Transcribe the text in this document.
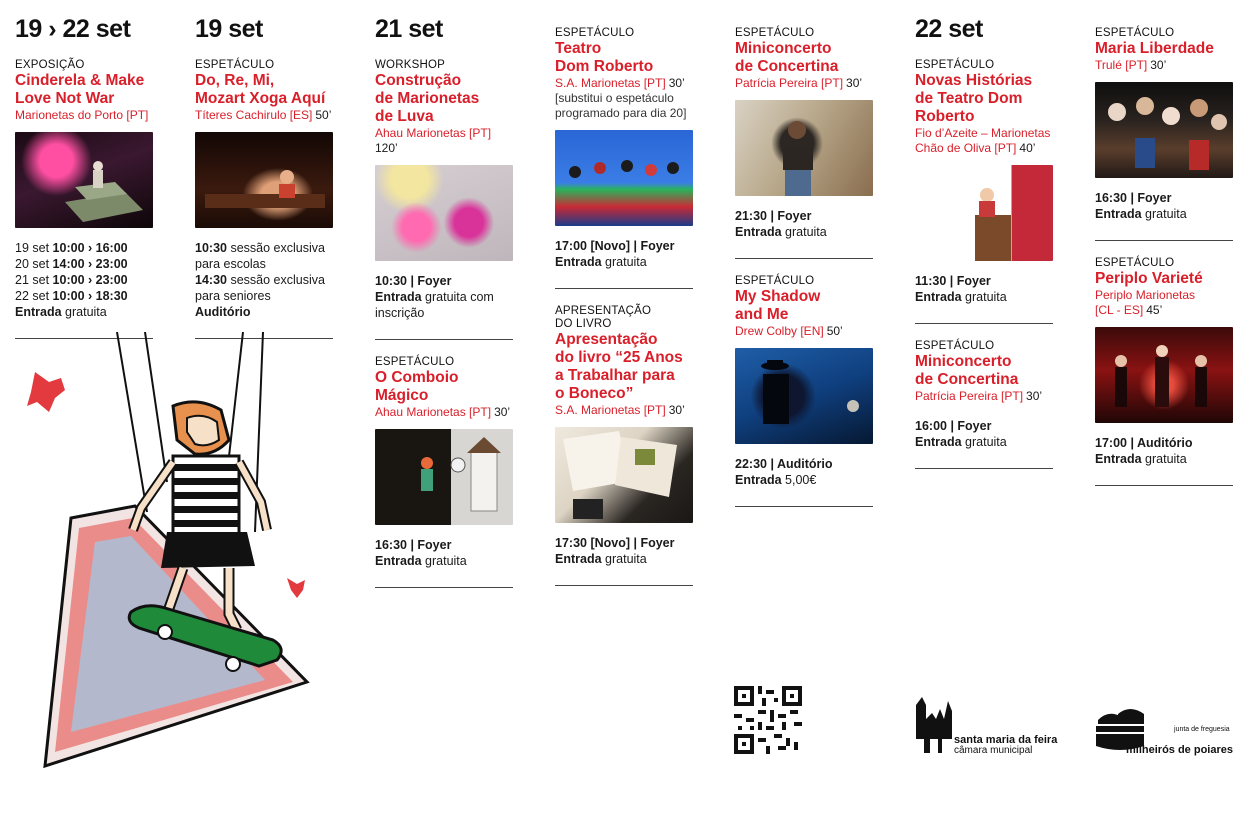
19 › 22 set
EXPOSIÇÃO
Cinderela & Make
Love Not War
Marionetas do Porto [PT]
19 set 10:00 › 16:00
20 set 14:00 › 23:00
21 set 10:00 › 23:00
22 set 10:00 › 18:30
Entrada gratuita
19 set
ESPETÁCULO
Do, Re, Mi,
Mozart Xoga Aquí
Títeres Cachirulo [ES] 50’
10:30 sessão exclusiva para escolas
14:30 sessão exclusiva para seniores
Auditório
21 set
WORKSHOP
Construção
de Marionetas
de Luva
Ahau Marionetas [PT]
120’
10:30 | Foyer
Entrada gratuita com inscrição
ESPETÁCULO
O Comboio
Mágico
Ahau Marionetas [PT] 30’
16:30 | Foyer
Entrada gratuita
ESPETÁCULO
Teatro
Dom Roberto
S.A. Marionetas [PT] 30’
[substitui o espetáculo programado para dia 20]
17:00 [Novo] | Foyer
Entrada gratuita
APRESENTAÇÃO
DO LIVRO
Apresentação
do livro “25 Anos
a Trabalhar para
o Boneco”
S.A. Marionetas [PT] 30’
17:30 [Novo] | Foyer
Entrada gratuita
ESPETÁCULO
Miniconcerto
de Concertina
Patrícia Pereira [PT] 30’
21:30 | Foyer
Entrada gratuita
ESPETÁCULO
My Shadow
and Me
Drew Colby [EN] 50’
22:30 | Auditório
Entrada 5,00€
22 set
ESPETÁCULO
Novas Histórias
de Teatro Dom
Roberto
Fio d’Azeite – Marionetas
Chão de Oliva [PT] 40’
11:30 | Foyer
Entrada gratuita
ESPETÁCULO
Miniconcerto
de Concertina
Patrícia Pereira [PT] 30’
16:00 | Foyer
Entrada gratuita
ESPETÁCULO
Maria Liberdade
Trulé [PT] 30’
16:30 | Foyer
Entrada gratuita
ESPETÁCULO
Periplo Varieté
Periplo Marionetas
[CL - ES] 45’
17:00 | Auditório
Entrada gratuita
santa maria da feira
câmara municipal
junta de freguesia
milheirós de poiares
